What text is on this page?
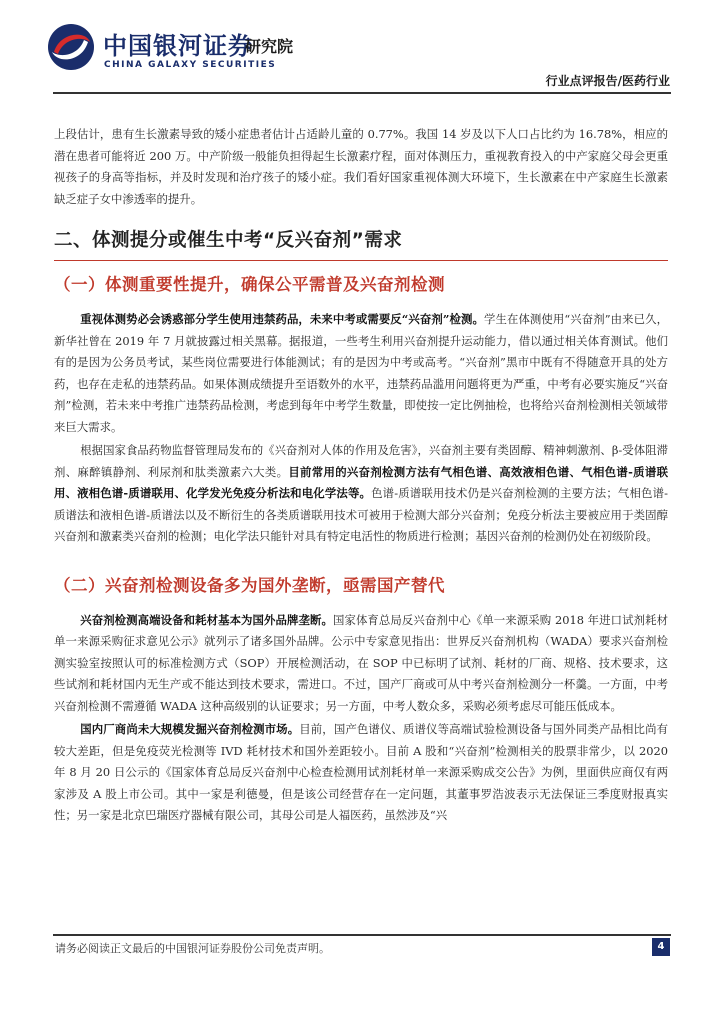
中国银河证券
CHINA GALAXY SECURITIES
研究院
行业点评报告/医药行业

上段估计，患有生长激素导致的矮小症患者估计占适龄儿童的 0.77%。我国 14 岁及以下人口占比约为 16.78%，相应的潜在患者可能将近 200 万。中产阶级一般能负担得起生长激素疗程，面对体测压力，重视教育投入的中产家庭父母会更重视孩子的身高等指标，并及时发现和治疗孩子的矮小症。我们看好国家重视体测大环境下，生长激素在中产家庭生长激素缺乏症子女中渗透率的提升。

二、体测提分或催生中考“反兴奋剂”需求
（一）体测重要性提升，确保公平需普及兴奋剂检测

重视体测势必会诱惑部分学生使用违禁药品，未来中考或需要反“兴奋剂”检测。学生在体测使用“兴奋剂”由来已久，新华社曾在 2019 年 7 月就披露过相关黑幕。据报道，一些考生利用兴奋剂提升运动能力，借以通过相关体育测试。他们有的是因为公务员考试，某些岗位需要进行体能测试；有的是因为中考或高考。“兴奋剂”黑市中既有不得随意开具的处方药，也存在走私的违禁药品。如果体测成绩提升至语数外的水平，违禁药品滥用问题将更为严重，中考有必要实施反“兴奋剂”检测，若未来中考推广违禁药品检测，考虑到每年中考学生数量，即使按一定比例抽检，也将给兴奋剂检测相关领域带来巨大需求。

根据国家食品药物监督管理局发布的《兴奋剂对人体的作用及危害》，兴奋剂主要有类固醇、精神刺激剂、β-受体阻滞剂、麻醉镇静剂、利尿剂和肽类激素六大类。目前常用的兴奋剂检测方法有气相色谱、高效液相色谱、气相色谱-质谱联用、液相色谱-质谱联用、化学发光免疫分析法和电化学法等。色谱-质谱联用技术仍是兴奋剂检测的主要方法；气相色谱-质谱法和液相色谱-质谱法以及不断衍生的各类质谱联用技术可被用于检测大部分兴奋剂；免疫分析法主要被应用于类固醇兴奋剂和激素类兴奋剂的检测；电化学法只能针对具有特定电活性的物质进行检测；基因兴奋剂的检测仍处在初级阶段。

（二）兴奋剂检测设备多为国外垄断，亟需国产替代

兴奋剂检测高端设备和耗材基本为国外品牌垄断。国家体育总局反兴奋剂中心《单一来源采购 2018 年进口试剂耗材单一来源采购征求意见公示》就列示了诸多国外品牌。公示中专家意见指出：世界反兴奋剂机构（WADA）要求兴奋剂检测实验室按照认可的标准检测方式（SOP）开展检测活动，在 SOP 中已标明了试剂、耗材的厂商、规格、技术要求，这些试剂和耗材国内无生产或不能达到技术要求，需进口。不过，国产厂商或可从中考兴奋剂检测分一杯羹。一方面，中考兴奋剂检测不需遵循 WADA 这种高级别的认证要求；另一方面，中考人数众多，采购必须考虑尽可能压低成本。

国内厂商尚未大规模发掘兴奋剂检测市场。目前，国产色谱仪、质谱仪等高端试验检测设备与国外同类产品相比尚有较大差距，但是免疫荧光检测等 IVD 耗材技术和国外差距较小。目前 A 股和“兴奋剂”检测相关的股票非常少，以 2020 年 8 月 20 日公示的《国家体育总局反兴奋剂中心检查检测用试剂耗材单一来源采购成交公告》为例，里面供应商仅有两家涉及 A 股上市公司。其中一家是利德曼，但是该公司经营存在一定问题，其董事罗浩波表示无法保证三季度财报真实性；另一家是北京巴瑞医疗器械有限公司，其母公司是人福医药，虽然涉及“兴

请务必阅读正文最后的中国银河证券股份公司免责声明。	4
